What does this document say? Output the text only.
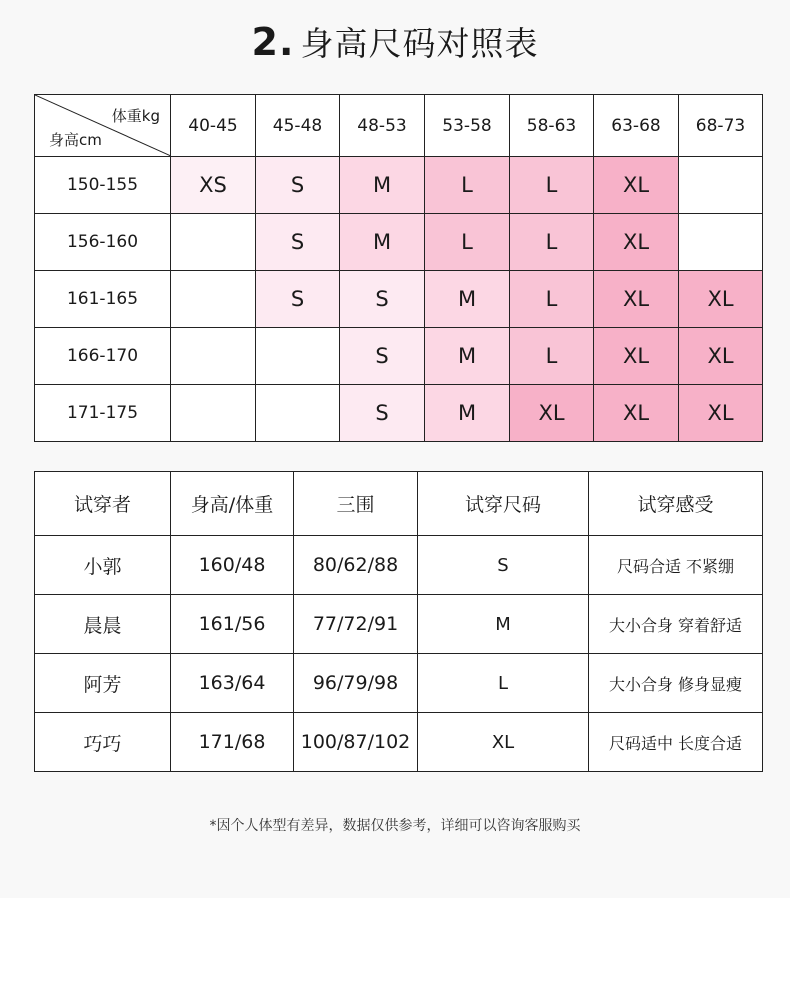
2. 身高尺码对照表
体重kg
身高cm	40-45	45-48	48-53	53-58	58-63	63-68	68-73
150-155	XS	S	M	L	L	XL	
156-160		S	M	L	L	XL	
161-165		S	S	M	L	XL	XL
166-170			S	M	L	XL	XL
171-175			S	M	XL	XL	XL
试穿者	身高/体重	三围	试穿尺码	试穿感受
小郭	160/48	80/62/88	S	尺码合适 不紧绷
晨晨	161/56	77/72/91	M	大小合身 穿着舒适
阿芳	163/64	96/79/98	L	大小合身 修身显瘦
巧巧	171/68	100/87/102	XL	尺码适中 长度合适
*因个人体型有差异，数据仅供参考，详细可以咨询客服购买
